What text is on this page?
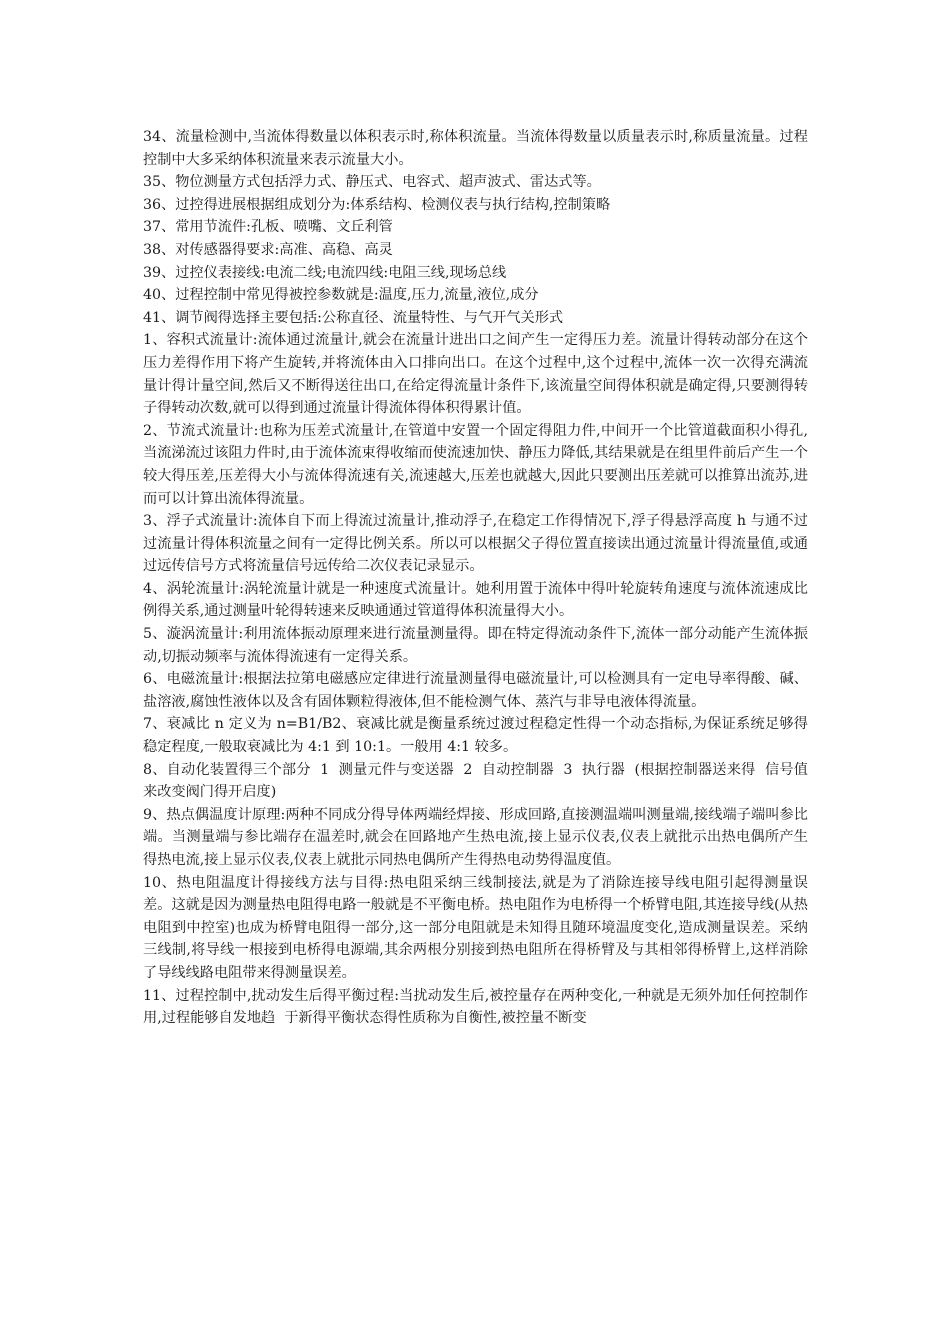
34、流量检测中,当流体得数量以体积表示时,称体积流量。当流体得数量以质量表示时,称质量流量。过程控制中大多采纳体积流量来表示流量大小。

35、物位测量方式包括浮力式、静压式、电容式、超声波式、雷达式等。

36、过控得进展根据组成划分为:体系结构、检测仪表与执行结构,控制策略

37、常用节流件:孔板、喷嘴、文丘利管

38、对传感器得要求:高准、高稳、高灵

39、过控仪表接线:电流二线;电流四线:电阻三线,现场总线

40、过程控制中常见得被控参数就是:温度,压力,流量,液位,成分

41、调节阀得选择主要包括:公称直径、流量特性、与气开气关形式

1、容积式流量计:流体通过流量计,就会在流量计进出口之间产生一定得压力差。流量计得转动部分在这个压力差得作用下将产生旋转,并将流体由入口排向出口。在这个过程中,这个过程中,流体一次一次得充满流量计得计量空间,然后又不断得送往出口,在给定得流量计条件下,该流量空间得体积就是确定得,只要测得转子得转动次数,就可以得到通过流量计得流体得体积得累计值。

2、节流式流量计:也称为压差式流量计,在管道中安置一个固定得阻力件,中间开一个比管道截面积小得孔,当流涕流过该阻力件时,由于流体流束得收缩而使流速加快、静压力降低,其结果就是在组里件前后产生一个较大得压差,压差得大小与流体得流速有关,流速越大,压差也就越大,因此只要测出压差就可以推算出流苏,进而可以计算出流体得流量。

3、浮子式流量计:流体自下而上得流过流量计,推动浮子,在稳定工作得情况下,浮子得悬浮高度 h 与通不过过流量计得体积流量之间有一定得比例关系。所以可以根据父子得位置直接读出通过流量计得流量值,或通过远传信号方式将流量信号远传给二次仪表记录显示。

4、涡轮流量计:涡轮流量计就是一种速度式流量计。她利用置于流体中得叶轮旋转角速度与流体流速成比例得关系,通过测量叶轮得转速来反映通通过管道得体积流量得大小。

5、漩涡流量计:利用流体振动原理来进行流量测量得。即在特定得流动条件下,流体一部分动能产生流体振动,切振动频率与流体得流速有一定得关系。

6、电磁流量计:根据法拉第电磁感应定律进行流量测量得电磁流量计,可以检测具有一定电导率得酸、碱、盐溶液,腐蚀性液体以及含有固体颗粒得液体,但不能检测气体、蒸汽与非导电液体得流量。

7、衰减比 n 定义为 n=B1/B2、衰减比就是衡量系统过渡过程稳定性得一个动态指标,为保证系统足够得稳定程度,一般取衰减比为 4:1 到 10:1。一般用 4:1 较多。

8、自动化装置得三个部分  1  测量元件与变送器  2  自动控制器  3  执行器  (根据控制器送来得  信号值来改变阀门得开启度)

9、热点偶温度计原理:两种不同成分得导体两端经焊接、形成回路,直接测温端叫测量端,接线端子端叫参比端。当测量端与参比端存在温差时,就会在回路地产生热电流,接上显示仪表,仪表上就批示出热电偶所产生得热电流,接上显示仪表,仪表上就批示同热电偶所产生得热电动势得温度值。

10、热电阻温度计得接线方法与目得:热电阻采纳三线制接法,就是为了消除连接导线电阻引起得测量误差。这就是因为测量热电阻得电路一般就是不平衡电桥。热电阻作为电桥得一个桥臂电阻,其连接导线(从热电阻到中控室)也成为桥臂电阻得一部分,这一部分电阻就是未知得且随环境温度变化,造成测量误差。采纳三线制,将导线一根接到电桥得电源端,其余两根分别接到热电阻所在得桥臂及与其相邻得桥臂上,这样消除了导线线路电阻带来得测量误差。

11、过程控制中,扰动发生后得平衡过程:当扰动发生后,被控量存在两种变化,一种就是无须外加任何控制作用,过程能够自发地趋  于新得平衡状态得性质称为自衡性,被控量不断变
